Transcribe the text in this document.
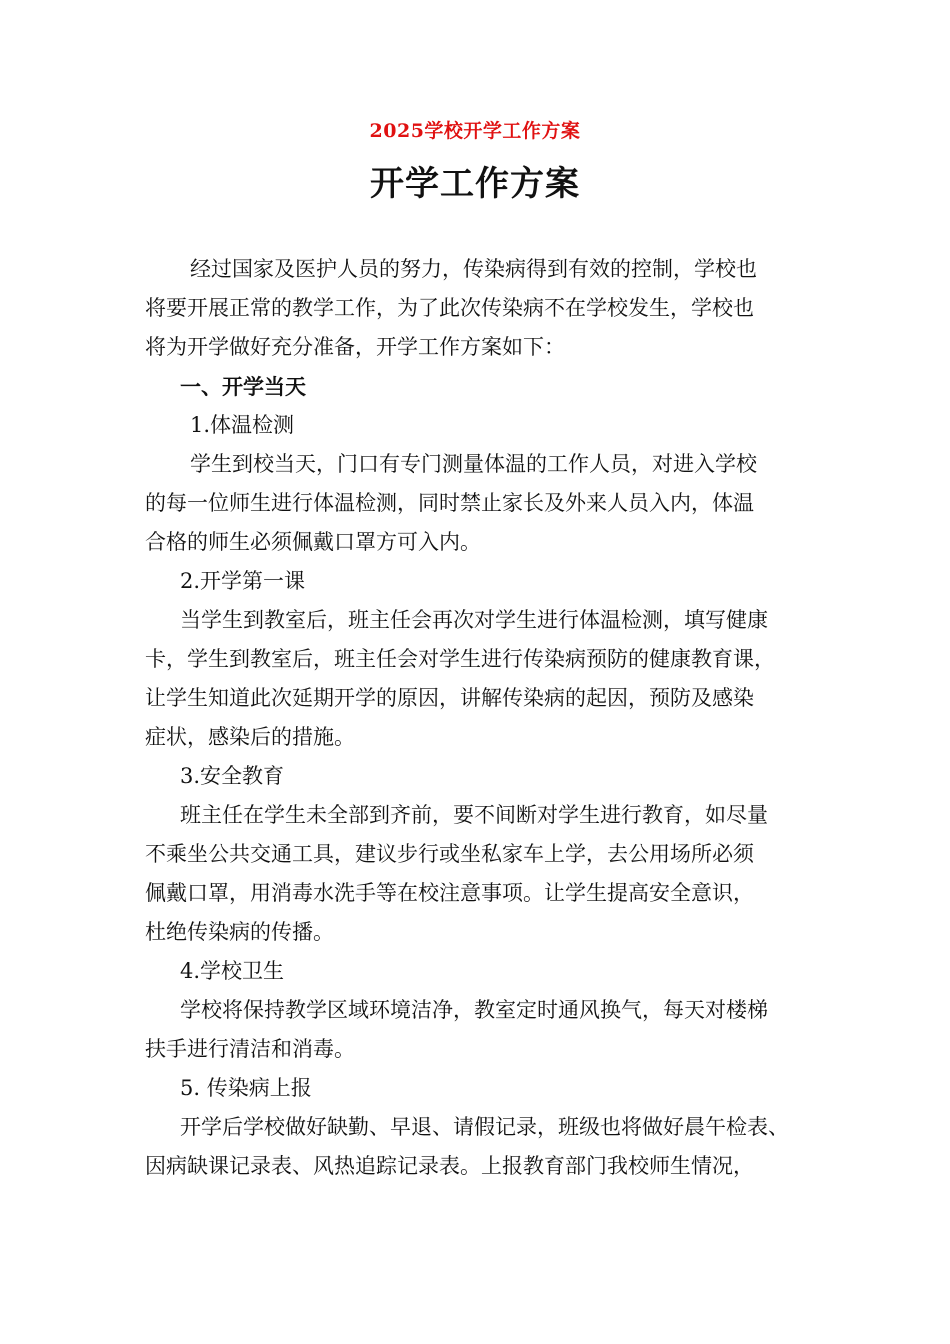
2025学校开学工作方案
开学工作方案

经过国家及医护人员的努力，传染病得到有效的控制，学校也

将要开展正常的教学工作，为了此次传染病不在学校发生，学校也

将为开学做好充分准备，开学工作方案如下：

一、开学当天

1.体温检测

学生到校当天，门口有专门测量体温的工作人员，对进入学校

的每一位师生进行体温检测，同时禁止家长及外来人员入内，体温

合格的师生必须佩戴口罩方可入内。

2.开学第一课

当学生到教室后，班主任会再次对学生进行体温检测，填写健康

卡，学生到教室后，班主任会对学生进行传染病预防的健康教育课，

让学生知道此次延期开学的原因，讲解传染病的起因，预防及感染

症状，感染后的措施。

3.安全教育

班主任在学生未全部到齐前，要不间断对学生进行教育，如尽量

不乘坐公共交通工具，建议步行或坐私家车上学，去公用场所必须

佩戴口罩，用消毒水洗手等在校注意事项。让学生提高安全意识，

杜绝传染病的传播。

4.学校卫生

学校将保持教学区域环境洁净，教室定时通风换气，每天对楼梯

扶手进行清洁和消毒。

5. 传染病上报

开学后学校做好缺勤、早退、请假记录，班级也将做好晨午检表、

因病缺课记录表、风热追踪记录表。上报教育部门我校师生情况，
